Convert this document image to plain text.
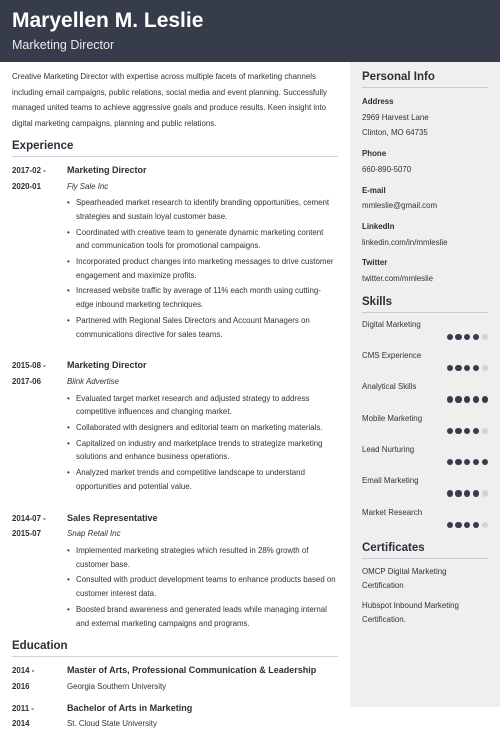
Maryellen M. Leslie
Marketing Director

Creative Marketing Director with expertise across multiple facets of marketing channels including email campaigns, public relations, social media and event planning. Successfully managed united teams to achieve aggressive goals and produce results. Keen insight into digital marketing campaigns, planning and public relations.

Experience
2017-02 -
2020-01
Marketing Director
Fly Sale Inc
• Spearheaded market research to identify branding opportunities, cement strategies and sustain loyal customer base.
• Coordinated with creative team to generate dynamic marketing content and communication tools for promotional campaigns.
• Incorporated product changes into marketing messages to drive customer engagement and maximize profits.
• Increased website traffic by average of 11% each month using cutting-edge inbound marketing techniques.
• Partnered with Regional Sales Directors and Account Managers on communications directive for sales teams.
2015-08 -
2017-06
Marketing Director
Blink Advertise
• Evaluated target market research and adjusted strategy to address competitive influences and changing market.
• Collaborated with designers and editorial team on marketing materials.
• Capitalized on industry and marketplace trends to strategize marketing solutions and enhance business operations.
• Analyzed market trends and competitive landscape to understand opportunities and potential value.
2014-07 -
2015-07
Sales Representative
Snap Retail Inc
• Implemented marketing strategies which resulted in 28% growth of customer base.
• Consulted with product development teams to enhance products based on customer interest data.
• Boosted brand awareness and generated leads while managing internal and external marketing campaigns and programs.
Education
2014 -
2016
Master of Arts, Professional Communication & Leadership
Georgia Southern University
2011 -
2014
Bachelor of Arts in Marketing
St. Cloud State University
Personal Info
Address
2969 Harvest Lane
Clinton, MO 64735
Phone
660-890-5070
E-mail
mmleslie@gmail.com
LinkedIn
linkedin.com/in/mmleslie
Twitter
twitter.com/mmleslie
Skills
Digital Marketing
CMS Experience
Analytical Skills
Mobile Marketing
Lead Nurturing
Email Marketing
Market Research
Certificates
OMCP Digital Marketing Certification
Hubspot Inbound Marketing Certification.
